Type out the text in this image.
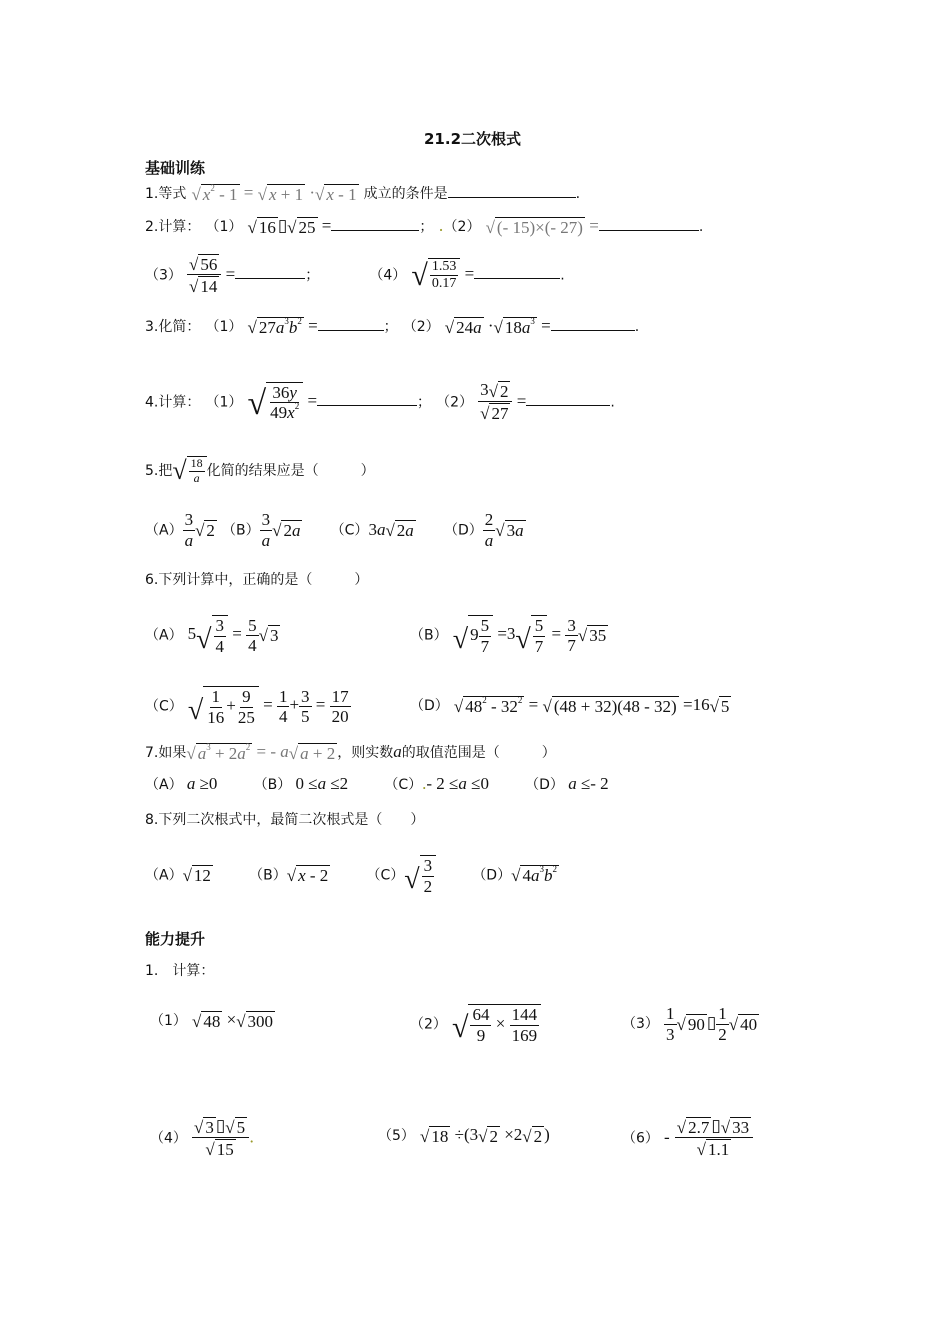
21.2二次根式
基础训练
1.等式 √ $x^2 - 1$ = √ x + 1 ·√ x - 1 成立的条件是	.
2.计算： （1） √ 16 ▯√ 25 =	； .（2） √ (- 15)×(- 27) =	.
$(3) \frac{√ 56}{√ 14}$ =	；	（4） √ $\frac{1.53}{0.17}$ =	.
3.化简： （1） √ $27a^3b^2$ =	； （2） √ 24a ·√ $18a^3$ =	.
4.计算： （1） √ $\frac{36y}{49x^2}$ =	； $(2) \frac{3√ 2}{√ 27}$ =	.
5.把√ $\frac{18}{a}$ 化简的结果应是（　　　）
$(A) \frac{3}{a}$ √ 2 $(B) \frac{3}{a}$ √ 2a （C）3a√ 2a $(D) \frac{2}{a}$ √ 3a
6.下列计算中，正确的是（　　　）
（A） $5√ \frac{3}{4} = \frac{5}{4}$ √ 3	（B） √ $9 \frac{5}{7} =3√ \frac{5}{7} = \frac{3}{7}$ √ 35
（C） √ $\frac{1}{16} + \frac{9}{25} = \frac{1}{4} + \frac{3}{5} = \frac{17}{20}$	（D） √ $48^2 - 32^2$ = √ (48 + 32)(48 - 32) =16√ 5
7.如果√ $a^3 + 2a^2$ = - a√ a + 2 ，则实数a的取值范围是（　　　）
（A） a ≥0	（B） 0 ≤a ≤2	（C）.- 2 ≤a ≤0	（D） a ≤- 2
8.下列二次根式中，最简二次根式是（　　）
（A）√ 12	（B）√ x - 2	$(C)√ \frac{3}{2}$	（D）√ $4a^3b^2$
能力提升
1.　计算：
（1） √ 48 ×√ 300	（2） √ $\frac{64}{9} \times \frac{144}{169}$	$(3) \frac{1}{3}$ √ 90 ▯ $\frac{1}{2}$ √ 40
$(4) \frac{√ 3 ▯√ 5}{√ 15}$ .	（5） √ 18 ÷(3√ 2 ×2√ 2 )	$(6) - \frac{√ 2.7 ▯√ 33}{√ 1.1}$
